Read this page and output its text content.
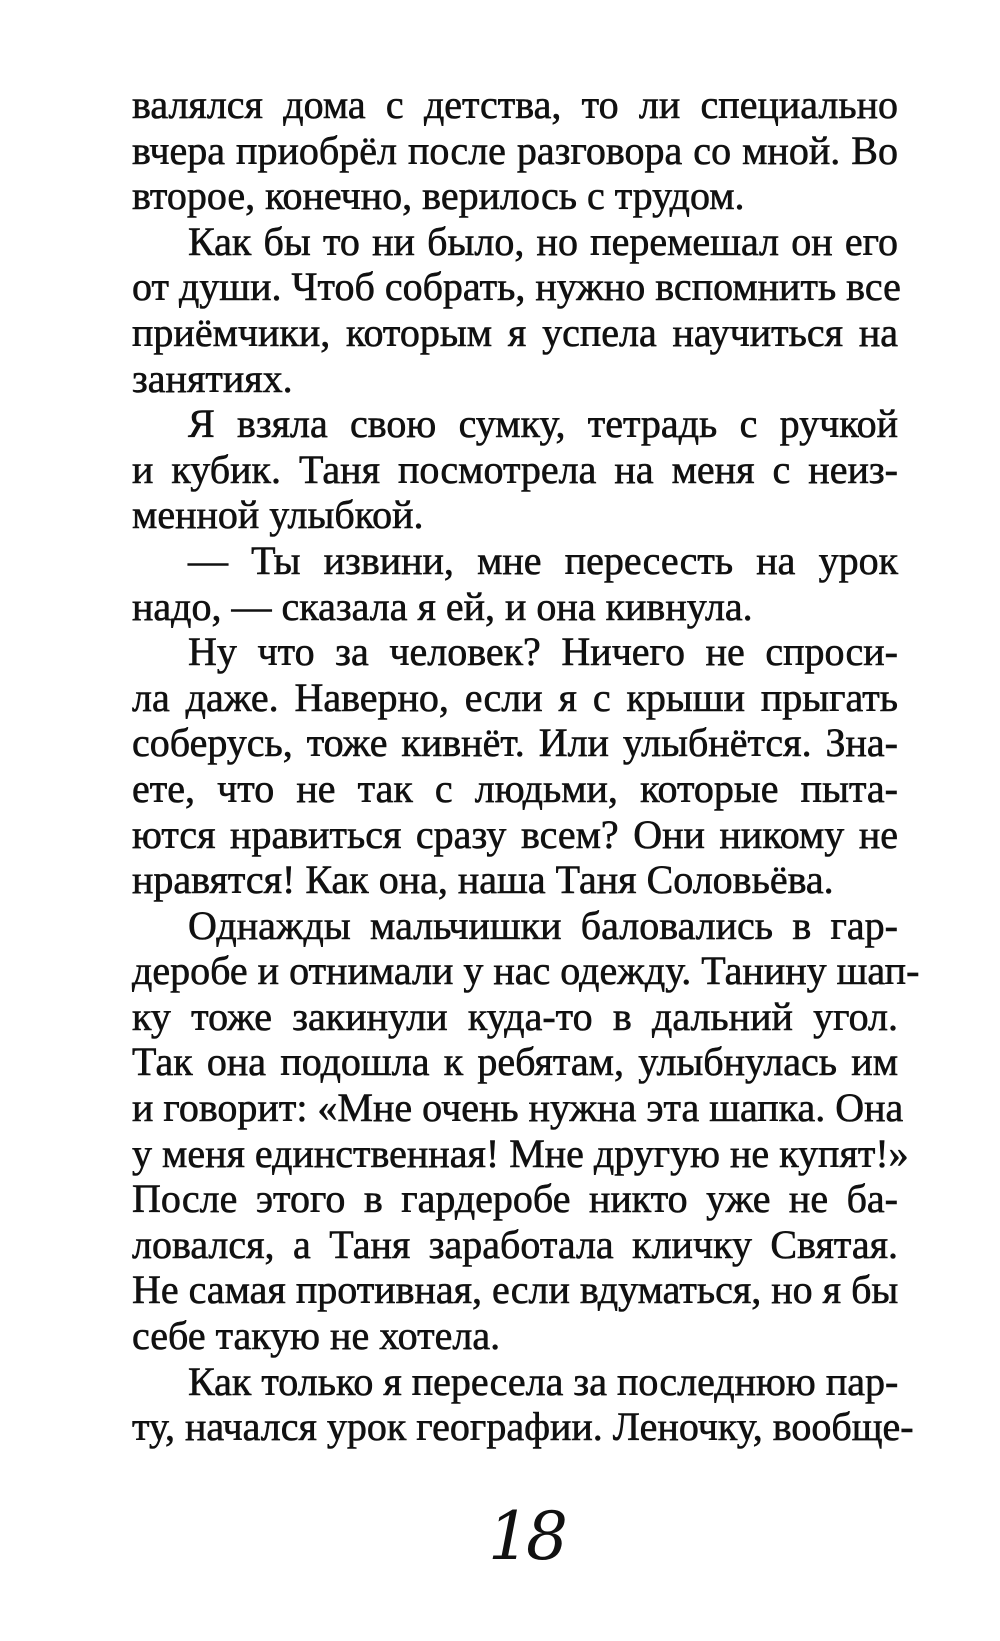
валялся дома с детства, то ли специально
вчера приобрёл после разговора со мной. Во
второе, конечно, верилось с трудом.
Как бы то ни было, но перемешал он его
от души. Чтоб собрать, нужно вспомнить все
приёмчики, которым я успела научиться на
занятиях.
Я взяла свою сумку, тетрадь с ручкой
и кубик. Таня посмотрела на меня с неиз-
менной улыбкой.
— Ты извини, мне пересесть на урок
надо, — сказала я ей, и она кивнула.
Ну что за человек? Ничего не спроси-
ла даже. Наверно, если я с крыши прыгать
соберусь, тоже кивнёт. Или улыбнётся. Зна-
ете, что не так с людьми, которые пыта-
ются нравиться сразу всем? Они никому не
нравятся! Как она, наша Таня Соловьёва.
Однажды мальчишки баловались в гар-
деробе и отнимали у нас одежду. Танину шап-
ку тоже закинули куда-то в дальний угол.
Так она подошла к ребятам, улыбнулась им
и говорит: «Мне очень нужна эта шапка. Она
у меня единственная! Мне другую не купят!»
После этого в гардеробе никто уже не ба-
ловался, а Таня заработала кличку Святая.
Не самая противная, если вдуматься, но я бы
себе такую не хотела.
Как только я пересела за последнюю пар-
ту, начался урок географии. Леночку, вообще-
18
